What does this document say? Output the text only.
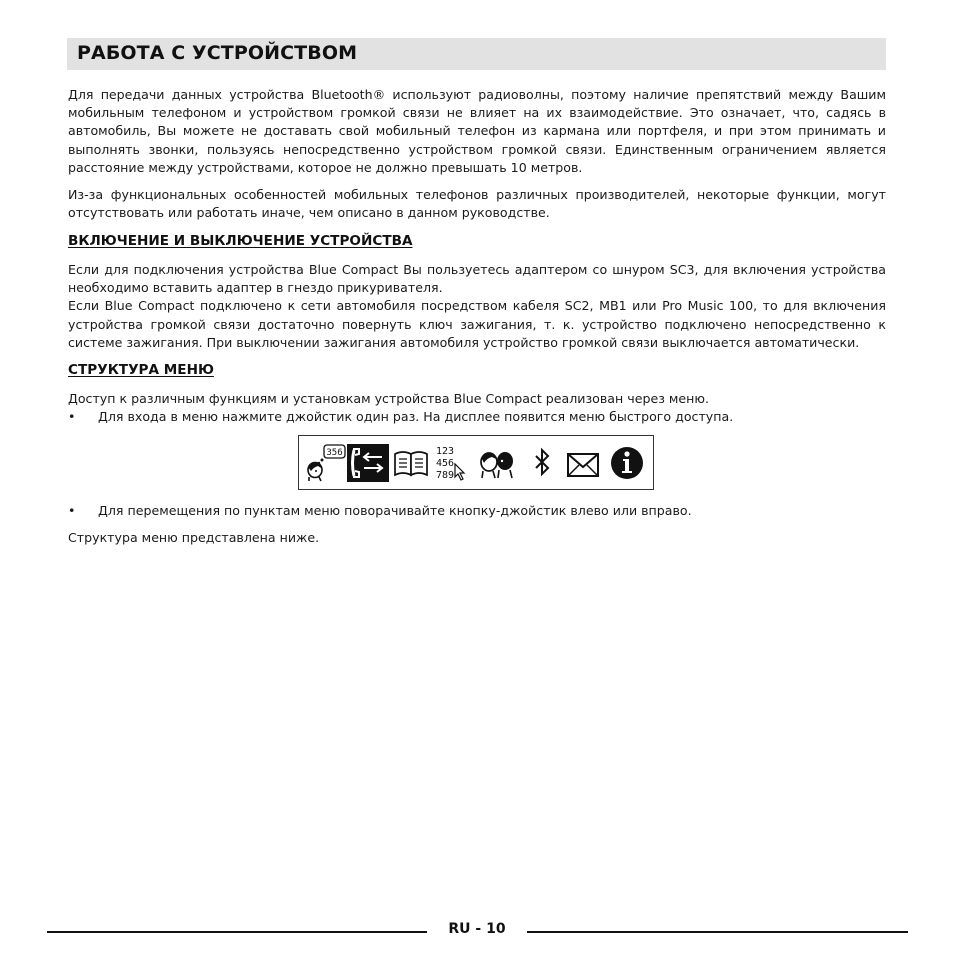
РАБОТА С УСТРОЙСТВОМ
Для передачи данных устройства Bluetooth® используют радиоволны, поэтому наличие препятствий между Вашим
мобильным телефоном и устройством громкой связи не влияет на их взаимодействие. Это означает, что, садясь в
автомобиль, Вы можете не доставать свой мобильный телефон из кармана или портфеля, и при этом принимать и
выполнять звонки, пользуясь непосредственно устройством громкой связи. Единственным ограничением является
расстояние между устройствами, которое не должно превышать 10 метров.
Из-за функциональных особенностей мобильных телефонов различных производителей, некоторые функции, могут
отсутствовать или работать иначе, чем описано в данном руководстве.
ВКЛЮЧЕНИЕ И ВЫКЛЮЧЕНИЕ УСТРОЙСТВА
Если для подключения устройства Blue Compact Вы пользуетесь адаптером со шнуром SC3, для включения устройства
необходимо вставить адаптер в гнездо прикуривателя.
Если Blue Compact подключено к сети автомобиля посредством кабеля SC2, MB1 или Pro Music 100, то для включения
устройства громкой связи достаточно повернуть ключ зажигания, т. к. устройство подключено непосредственно к
системе зажигания. При выключении зажигания автомобиля устройство громкой связи выключается автоматически.
СТРУКТУРА МЕНЮ
Доступ к различным функциям и установкам устройства Blue Compact реализован через меню.
• Для входа в меню нажмите джойстик один раз. На дисплее появится меню быстрого доступа.
356	123
456
789
• Для перемещения по пунктам меню поворачивайте кнопку-джойстик влево или вправо.
Структура меню представлена ниже.
RU - 10
